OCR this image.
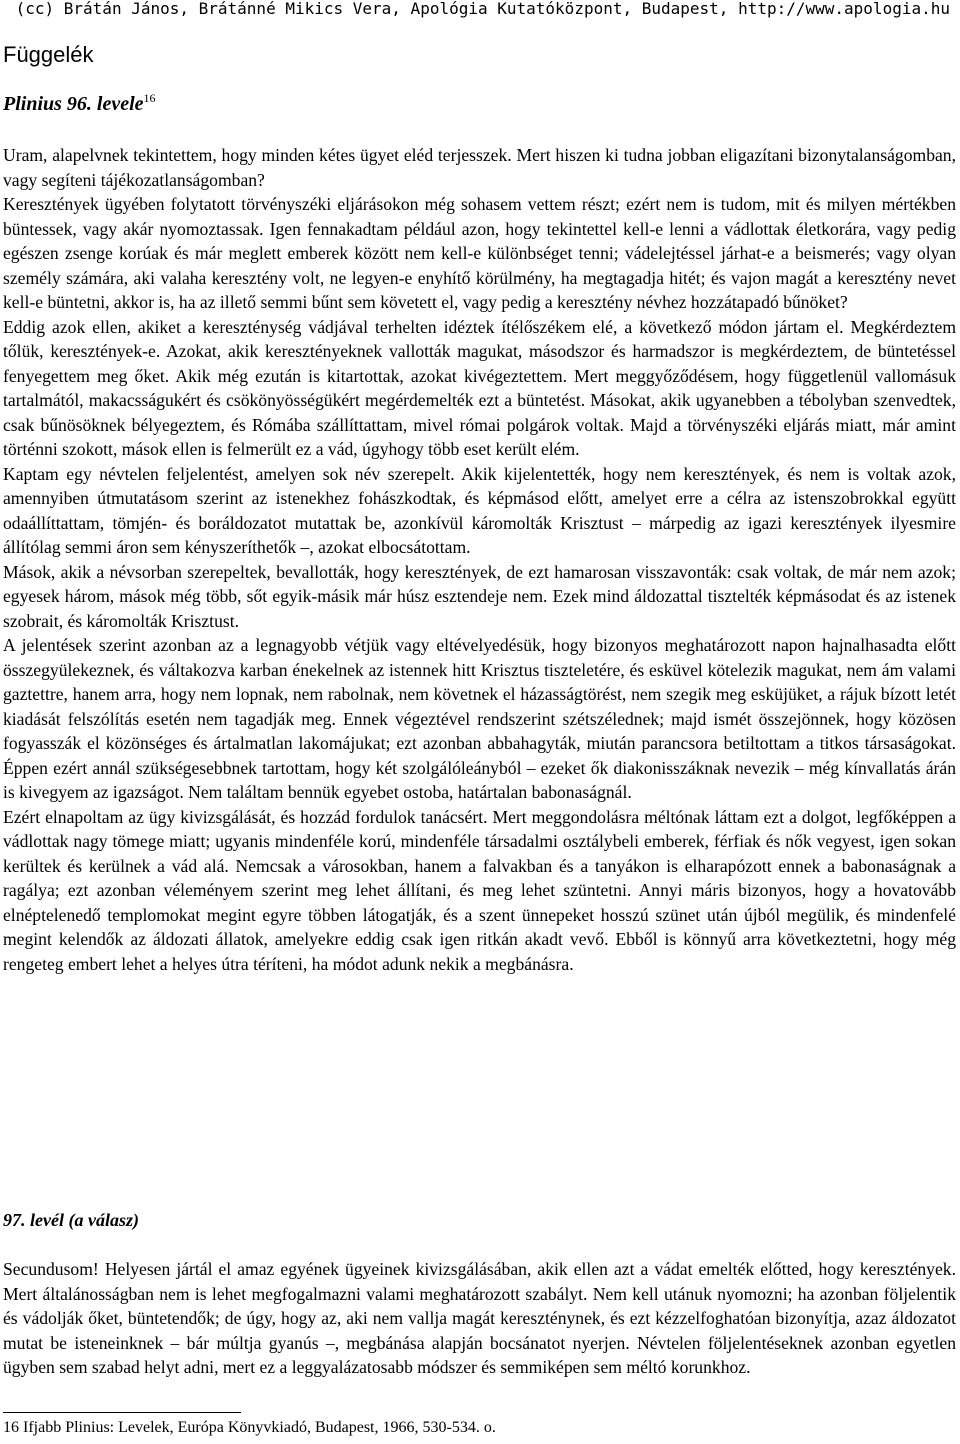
(cc) Brátán János, Brátánné Mikics Vera, Apológia Kutatóközpont, Budapest, http://www.apologia.hu
Függelék
Plinius 96. levele$^{16}$

Uram, alapelvnek tekintettem, hogy minden kétes ügyet eléd terjesszek. Mert hiszen ki tudna jobban eligazítani bizonytalanságomban, vagy segíteni tájékozatlanságomban?

Keresztények ügyében folytatott törvényszéki eljárásokon még sohasem vettem részt; ezért nem is tudom, mit és milyen mértékben büntessek, vagy akár nyomoztassak. Igen fennakadtam például azon, hogy tekintettel kell-e lenni a vádlottak életkorára, vagy pedig egészen zsenge korúak és már meglett emberek között nem kell-e különbséget tenni; vádelejtéssel járhat-e a beismerés; vagy olyan személy számára, aki valaha keresztény volt, ne legyen-e enyhítő körülmény, ha megtagadja hitét; és vajon magát a keresztény nevet kell-e büntetni, akkor is, ha az illető semmi bűnt sem követett el, vagy pedig a keresztény névhez hozzátapadó bűnöket?

Eddig azok ellen, akiket a kereszténység vádjával terhelten idéztek ítélőszékem elé, a következő módon jártam el. Megkérdeztem tőlük, keresztények-e. Azokat, akik keresztényeknek vallották magukat, másodszor és harmadszor is megkérdeztem, de büntetéssel fenyegettem meg őket. Akik még ezután is kitartottak, azokat kivégeztettem. Mert meggyőződésem, hogy függetlenül vallomásuk tartalmától, makacsságukért és csökönyösségükért megérdemelték ezt a büntetést. Másokat, akik ugyanebben a tébolyban szenvedtek, csak bűnösöknek bélyegeztem, és Rómába szállíttattam, mivel római polgárok voltak. Majd a törvényszéki eljárás miatt, már amint történni szokott, mások ellen is felmerült ez a vád, úgyhogy több eset került elém.

Kaptam egy névtelen feljelentést, amelyen sok név szerepelt. Akik kijelentették, hogy nem keresztények, és nem is voltak azok, amennyiben útmutatásom szerint az istenekhez fohászkodtak, és képmásod előtt, amelyet erre a célra az istenszobrokkal együtt odaállíttattam, tömjén- és boráldozatot mutattak be, azonkívül káromolták Krisztust – márpedig az igazi keresztények ilyesmire állítólag semmi áron sem kényszeríthetők –, azokat elbocsátottam.

Mások, akik a névsorban szerepeltek, bevallották, hogy keresztények, de ezt hamarosan visszavonták: csak voltak, de már nem azok; egyesek három, mások még több, sőt egyik-másik már húsz esztendeje nem. Ezek mind áldozattal tisztelték képmásodat és az istenek szobrait, és káromolták Krisztust.

A jelentések szerint azonban az a legnagyobb vétjük vagy eltévelyedésük, hogy bizonyos meghatározott napon hajnalhasadta előtt összegyülekeznek, és váltakozva karban énekelnek az istennek hitt Krisztus tiszteletére, és esküvel kötelezik magukat, nem ám valami gaztettre, hanem arra, hogy nem lopnak, nem rabolnak, nem követnek el házasságtörést, nem szegik meg esküjüket, a rájuk bízott letét kiadását felszólítás esetén nem tagadják meg. Ennek végeztével rendszerint szétszélednek; majd ismét összejönnek, hogy közösen fogyasszák el közönséges és ártalmatlan lakomájukat; ezt azonban abbahagyták, miután parancsora betiltottam a titkos társaságokat. Éppen ezért annál szükségesebbnek tartottam, hogy két szolgálóleányból – ezeket ők diakonisszáknak nevezik – még kínvallatás árán is kivegyem az igazságot. Nem találtam bennük egyebet ostoba, határtalan babonaságnál.

Ezért elnapoltam az ügy kivizsgálását, és hozzád fordulok tanácsért. Mert meggondolásra méltónak láttam ezt a dolgot, legfőképpen a vádlottak nagy tömege miatt; ugyanis mindenféle korú, mindenféle társadalmi osztálybeli emberek, férfiak és nők vegyest, igen sokan kerültek és kerülnek a vád alá. Nemcsak a városokban, hanem a falvakban és a tanyákon is elharapózott ennek a babonaságnak a ragálya; ezt azonban véleményem szerint meg lehet állítani, és meg lehet szüntetni. Annyi máris bizonyos, hogy a hovatovább elnéptelenedő templomokat megint egyre többen látogatják, és a szent ünnepeket hosszú szünet után újból megülik, és mindenfelé megint kelendők az áldozati állatok, amelyekre eddig csak igen ritkán akadt vevő. Ebből is könnyű arra következtetni, hogy még rengeteg embert lehet a helyes útra téríteni, ha módot adunk nekik a megbánásra.

97. levél (a válasz)

Secundusom! Helyesen jártál el amaz egyének ügyeinek kivizsgálásában, akik ellen azt a vádat emelték előtted, hogy keresztények. Mert általánosságban nem is lehet megfogalmazni valami meghatározott szabályt. Nem kell utánuk nyomozni; ha azonban följelentik és vádolják őket, büntetendők; de úgy, hogy az, aki nem vallja magát kereszténynek, és ezt kézzelfoghatóan bizonyítja, azaz áldozatot mutat be isteneinknek – bár múltja gyanús –, megbánása alapján bocsánatot nyerjen. Névtelen följelentéseknek azonban egyetlen ügyben sem szabad helyt adni, mert ez a leggyalázatosabb módszer és semmiképen sem méltó korunkhoz.

16 Ifjabb Plinius: Levelek, Európa Könyvkiadó, Budapest, 1966, 530-534. o.
